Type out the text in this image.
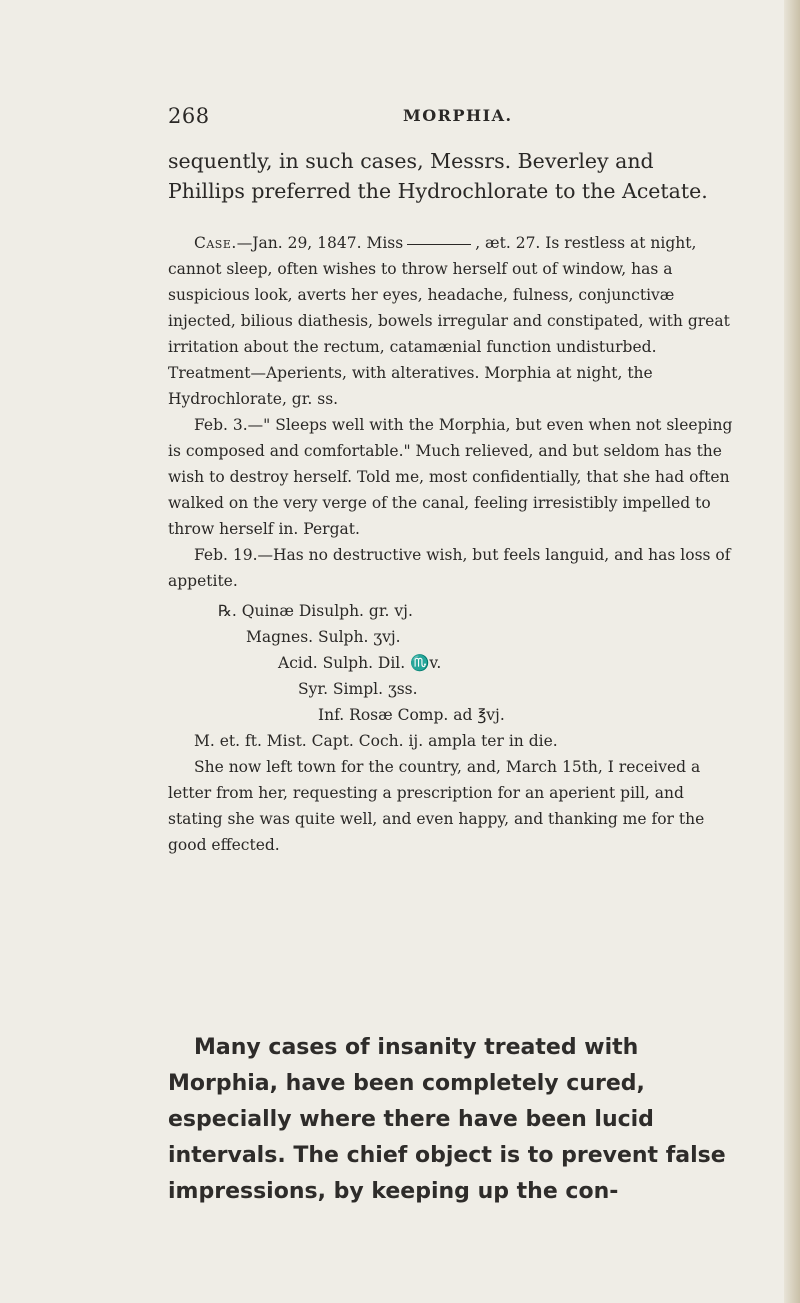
268	MORPHIA.

sequently, in such cases, Messrs. Beverley and Phillips preferred the Hydrochlorate to the Acetate.

Case.—Jan. 29, 1847. Miss	, æt. 27. Is restless at night, cannot sleep, often wishes to throw herself out of window, has a suspicious look, averts her eyes, headache, fulness, conjunctivæ injected, bilious diathesis, bowels irregular and constipated, with great irritation about the rectum, catamænial function undisturbed. Treatment—Aperients, with alteratives. Morphia at night, the Hydrochlorate, gr. ss.

Feb. 3.—" Sleeps well with the Morphia, but even when not sleeping is composed and comfortable." Much relieved, and but seldom has the wish to destroy herself. Told me, most confidentially, that she had often walked on the very verge of the canal, feeling irresistibly impelled to throw herself in. Pergat.

Feb. 19.—Has no destructive wish, but feels languid, and has loss of appetite.

℞. Quinæ Disulph. gr. vj.
Magnes. Sulph. ʒvj.
Acid. Sulph. Dil. ♏v.
Syr. Simpl. ʒss.
Inf. Rosæ Comp. ad ℥vj.
M. et. ft. Mist. Capt. Coch. ij. ampla ter in die.

She now left town for the country, and, March 15th, I received a letter from her, requesting a prescription for an aperient pill, and stating she was quite well, and even happy, and thanking me for the good effected.

Many cases of insanity treated with Morphia, have been completely cured, especially where there have been lucid intervals. The chief object is to prevent false impressions, by keeping up the con-
